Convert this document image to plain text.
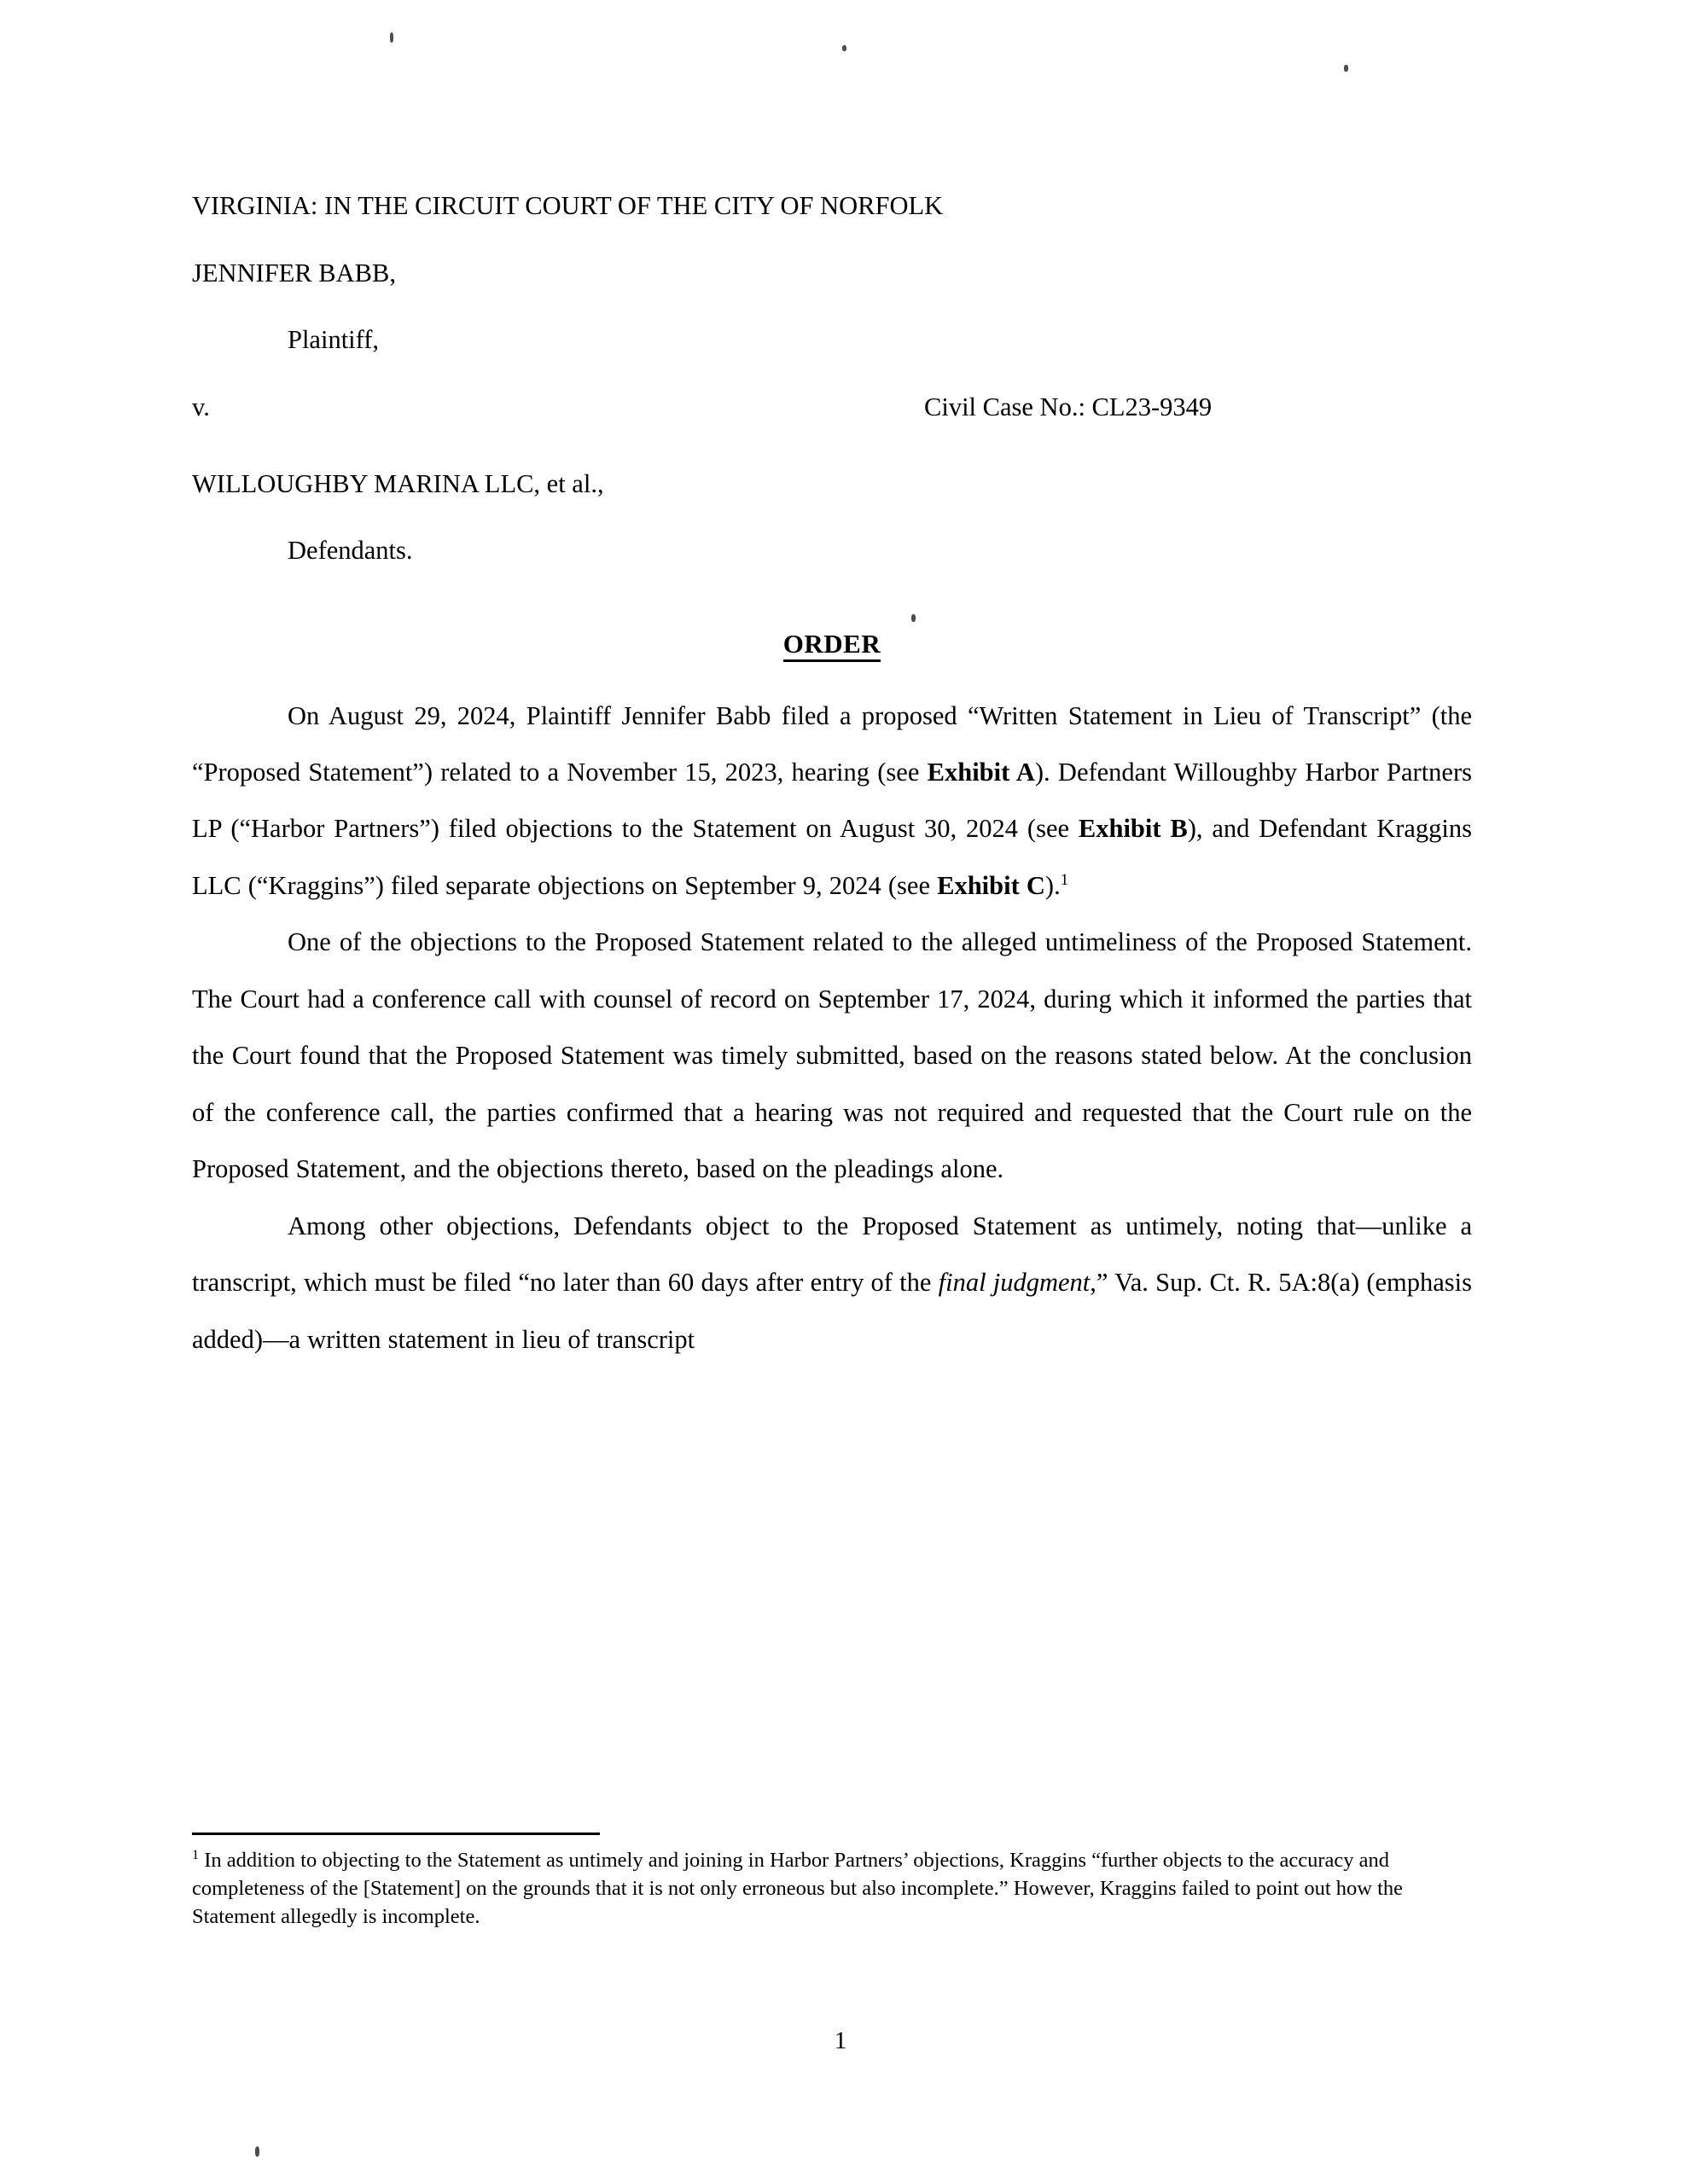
VIRGINIA: IN THE CIRCUIT COURT OF THE CITY OF NORFOLK

JENNIFER BABB,

Plaintiff,

v.	Civil Case No.: CL23-9349

WILLOUGHBY MARINA LLC, et al.,

Defendants.

ORDER

On August 29, 2024, Plaintiff Jennifer Babb filed a proposed “Written Statement in Lieu of Transcript” (the “Proposed Statement”) related to a November 15, 2023, hearing (see Exhibit A). Defendant Willoughby Harbor Partners LP (“Harbor Partners”) filed objections to the Statement on August 30, 2024 (see Exhibit B), and Defendant Kraggins LLC (“Kraggins”) filed separate objections on September 9, 2024 (see Exhibit C).$^1$

One of the objections to the Proposed Statement related to the alleged untimeliness of the Proposed Statement. The Court had a conference call with counsel of record on September 17, 2024, during which it informed the parties that the Court found that the Proposed Statement was timely submitted, based on the reasons stated below. At the conclusion of the conference call, the parties confirmed that a hearing was not required and requested that the Court rule on the Proposed Statement, and the objections thereto, based on the pleadings alone.

Among other objections, Defendants object to the Proposed Statement as untimely, noting that—unlike a transcript, which must be filed “no later than 60 days after entry of the final judgment,” Va. Sup. Ct. R. 5A:8(a) (emphasis added)—a written statement in lieu of transcript

$^1$ In addition to objecting to the Statement as untimely and joining in Harbor Partners’ objections, Kraggins “further objects to the accuracy and completeness of the [Statement] on the grounds that it is not only erroneous but also incomplete.” However, Kraggins failed to point out how the Statement allegedly is incomplete.

1
